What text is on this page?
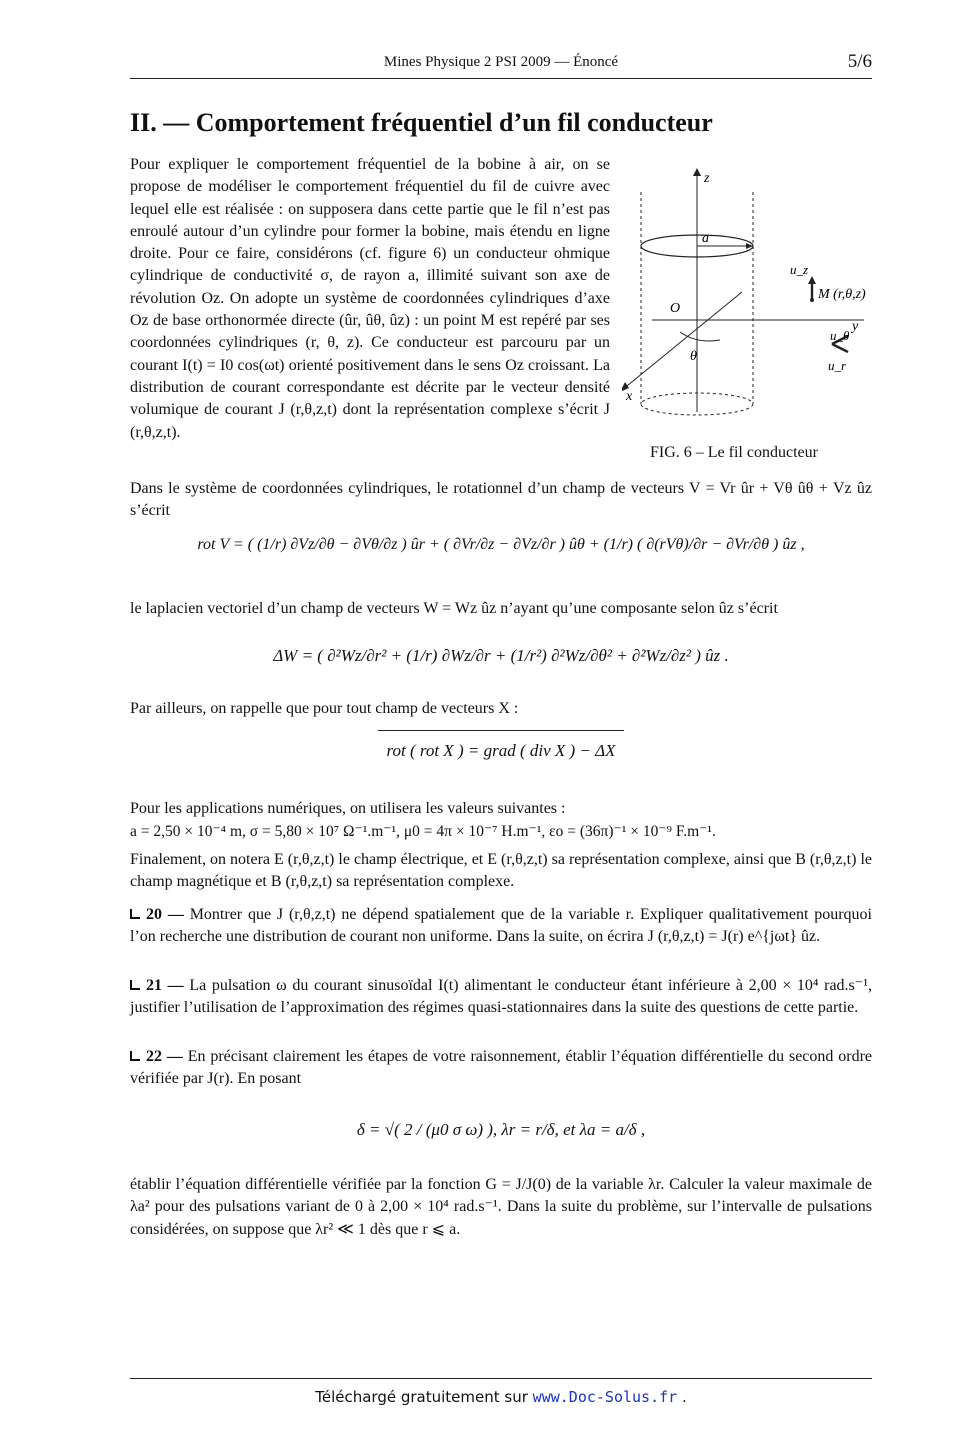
Mines Physique 2 PSI 2009 — Énoncé	5/6
II. — Comportement fréquentiel d’un fil conducteur
Pour expliquer le comportement fréquentiel de la bobine à air, on se propose de modéliser le comportement fréquentiel du fil de cuivre avec lequel elle est réalisée : on supposera dans cette partie que le fil n’est pas enroulé autour d’un cylindre pour former la bobine, mais étendu en ligne droite. Pour ce faire, considérons (cf. figure 6) un conducteur ohmique cylindrique de conductivité σ, de rayon a, illimité suivant son axe de révolution Oz. On adopte un système de coordonnées cylindriques d’axe Oz de base orthonormée directe (ûr, ûθ, ûz) : un point M est repéré par ses coordonnées cylindriques (r, θ, z). Ce conducteur est parcouru par un courant I(t) = I0 cos(ωt) orienté positivement dans le sens Oz croissant. La distribution de courant correspondante est décrite par le vecteur densité volumique de courant J (r,θ,z,t) dont la représentation complexe s’écrit J (r,θ,z,t).
z
a
u_z
M (r,θ,z)
O
y
u_θ
θ
u_r
x
FIG. 6 – Le fil conducteur
Dans le système de coordonnées cylindriques, le rotationnel d’un champ de vecteurs V = Vr ûr + Vθ ûθ + Vz ûz s’écrit
rot V = ( (1/r) ∂Vz/∂θ − ∂Vθ/∂z ) ûr + ( ∂Vr/∂z − ∂Vz/∂r ) ûθ + (1/r) ( ∂(rVθ)/∂r − ∂Vr/∂θ ) ûz ,
le laplacien vectoriel d’un champ de vecteurs W = Wz ûz n’ayant qu’une composante selon ûz s’écrit
ΔW = ( ∂²Wz/∂r² + (1/r) ∂Wz/∂r + (1/r²) ∂²Wz/∂θ² + ∂²Wz/∂z² ) ûz .
Par ailleurs, on rappelle que pour tout champ de vecteurs X :
rot ( rot X ) = grad ( div X ) − ΔX
Pour les applications numériques, on utilisera les valeurs suivantes :
a = 2,50 × 10⁻⁴ m, σ = 5,80 × 10⁷ Ω⁻¹.m⁻¹, μ0 = 4π × 10⁻⁷ H.m⁻¹, εo = (36π)⁻¹ × 10⁻⁹ F.m⁻¹.
Finalement, on notera E (r,θ,z,t) le champ électrique, et E (r,θ,z,t) sa représentation complexe, ainsi que B (r,θ,z,t) le champ magnétique et B (r,θ,z,t) sa représentation complexe.
20 — Montrer que J (r,θ,z,t) ne dépend spatialement que de la variable r. Expliquer qualitativement pourquoi l’on recherche une distribution de courant non uniforme. Dans la suite, on écrira J (r,θ,z,t) = J(r) e^{jωt} ûz.
21 — La pulsation ω du courant sinusoïdal I(t) alimentant le conducteur étant inférieure à 2,00 × 10⁴ rad.s⁻¹, justifier l’utilisation de l’approximation des régimes quasi-stationnaires dans la suite des questions de cette partie.
22 — En précisant clairement les étapes de votre raisonnement, établir l’équation différentielle du second ordre vérifiée par J(r). En posant
δ = √( 2 / (μ0 σ ω) ), λr = r/δ, et λa = a/δ ,
établir l’équation différentielle vérifiée par la fonction G = J/J(0) de la variable λr. Calculer la valeur maximale de λa² pour des pulsations variant de 0 à 2,00 × 10⁴ rad.s⁻¹. Dans la suite du problème, sur l’intervalle de pulsations considérées, on suppose que λr² ≪ 1 dès que r ⩽ a.
Téléchargé gratuitement sur www.Doc-Solus.fr .
